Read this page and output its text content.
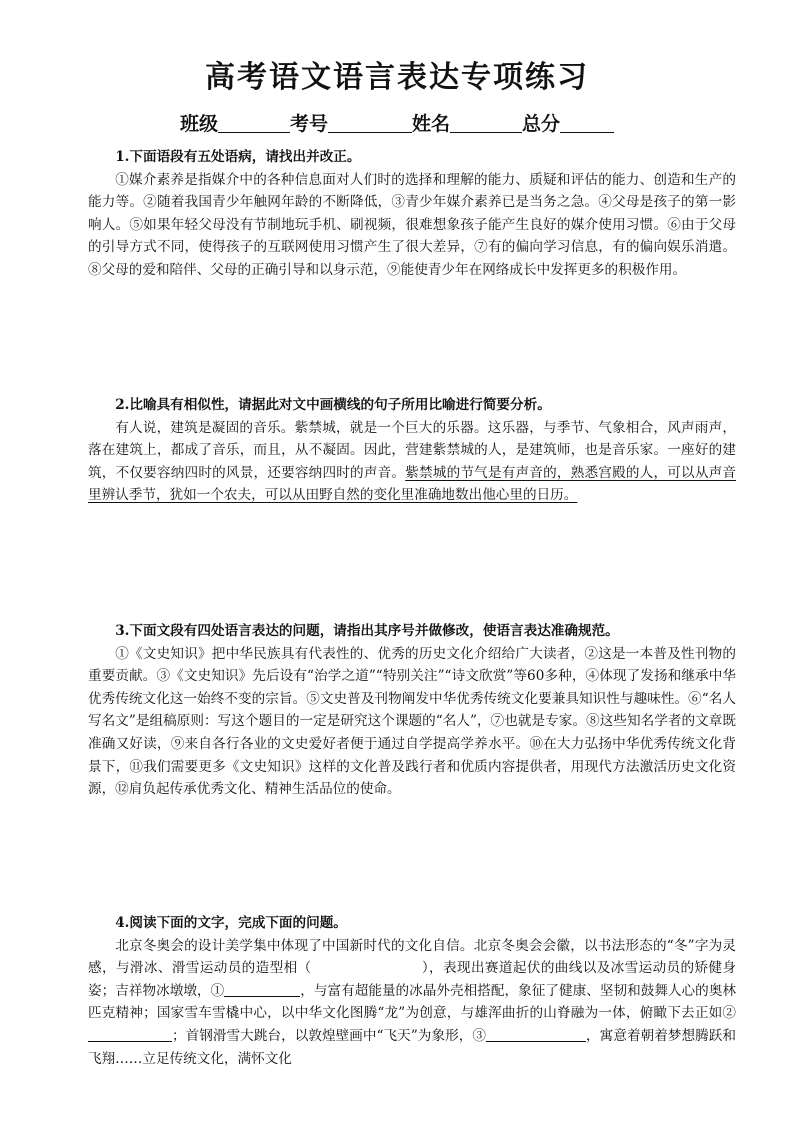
高考语文语言表达专项练习
班级	考号	姓名	总分

1.下面语段有五处语病，请找出并改正。

①媒介素养是指媒介中的各种信息面对人们时的选择和理解的能力、质疑和评估的能力、创造和生产的能力等。②随着我国青少年触网年龄的不断降低，③青少年媒介素养已是当务之急。④父母是孩子的第一影响人。⑤如果年轻父母没有节制地玩手机、刷视频，很难想象孩子能产生良好的媒介使用习惯。⑥由于父母的引导方式不同，使得孩子的互联网使用习惯产生了很大差异，⑦有的偏向学习信息，有的偏向娱乐消遣。⑧父母的爱和陪伴、父母的正确引导和以身示范，⑨能使青少年在网络成长中发挥更多的积极作用。

2.比喻具有相似性，请据此对文中画横线的句子所用比喻进行简要分析。

有人说，建筑是凝固的音乐。紫禁城，就是一个巨大的乐器。这乐器，与季节、气象相合，风声雨声，落在建筑上，都成了音乐，而且，从不凝固。因此，营建紫禁城的人，是建筑师，也是音乐家。一座好的建筑，不仅要容纳四时的风景，还要容纳四时的声音。紫禁城的节气是有声音的，熟悉宫殿的人，可以从声音里辨认季节，犹如一个农夫，可以从田野自然的变化里准确地数出他心里的日历。

3.下面文段有四处语言表达的问题，请指出其序号并做修改，使语言表达准确规范。

①《文史知识》把中华民族具有代表性的、优秀的历史文化介绍给广大读者，②这是一本普及性刊物的重要贡献。③《文史知识》先后设有“治学之道”“特别关注”“诗文欣赏”等60多种，④体现了发扬和继承中华优秀传统文化这一始终不变的宗旨。⑤文史普及刊物阐发中华优秀传统文化要兼具知识性与趣味性。⑥“名人写名文”是组稿原则：写这个题目的一定是研究这个课题的“名人”，⑦也就是专家。⑧这些知名学者的文章既准确又好读，⑨来自各行各业的文史爱好者便于通过自学提高学养水平。⑩在大力弘扬中华优秀传统文化背景下，⑪我们需要更多《文史知识》这样的文化普及践行者和优质内容提供者，用现代方法激活历史文化资源，⑫肩负起传承优秀文化、精神生活品位的使命。

4.阅读下面的文字，完成下面的问题。

北京冬奥会的设计美学集中体现了中国新时代的文化自信。北京冬奥会会徽，以书法形态的“冬”字为灵感，与滑冰、滑雪运动员的造型相（	），表现出赛道起伏的曲线以及冰雪运动员的矫健身姿；吉祥物冰墩墩，①	，与富有超能量的冰晶外壳相搭配，象征了健康、坚韧和鼓舞人心的奥林匹克精神；国家雪车雪橇中心，以中华文化图腾“龙”为创意，与雄浑曲折的山脊融为一体，俯瞰下去正如②；首钢滑雪大跳台，以敦煌壁画中“飞天”为象形，③	，寓意着朝着梦想腾跃和飞翔……立足传统文化，满怀文化
